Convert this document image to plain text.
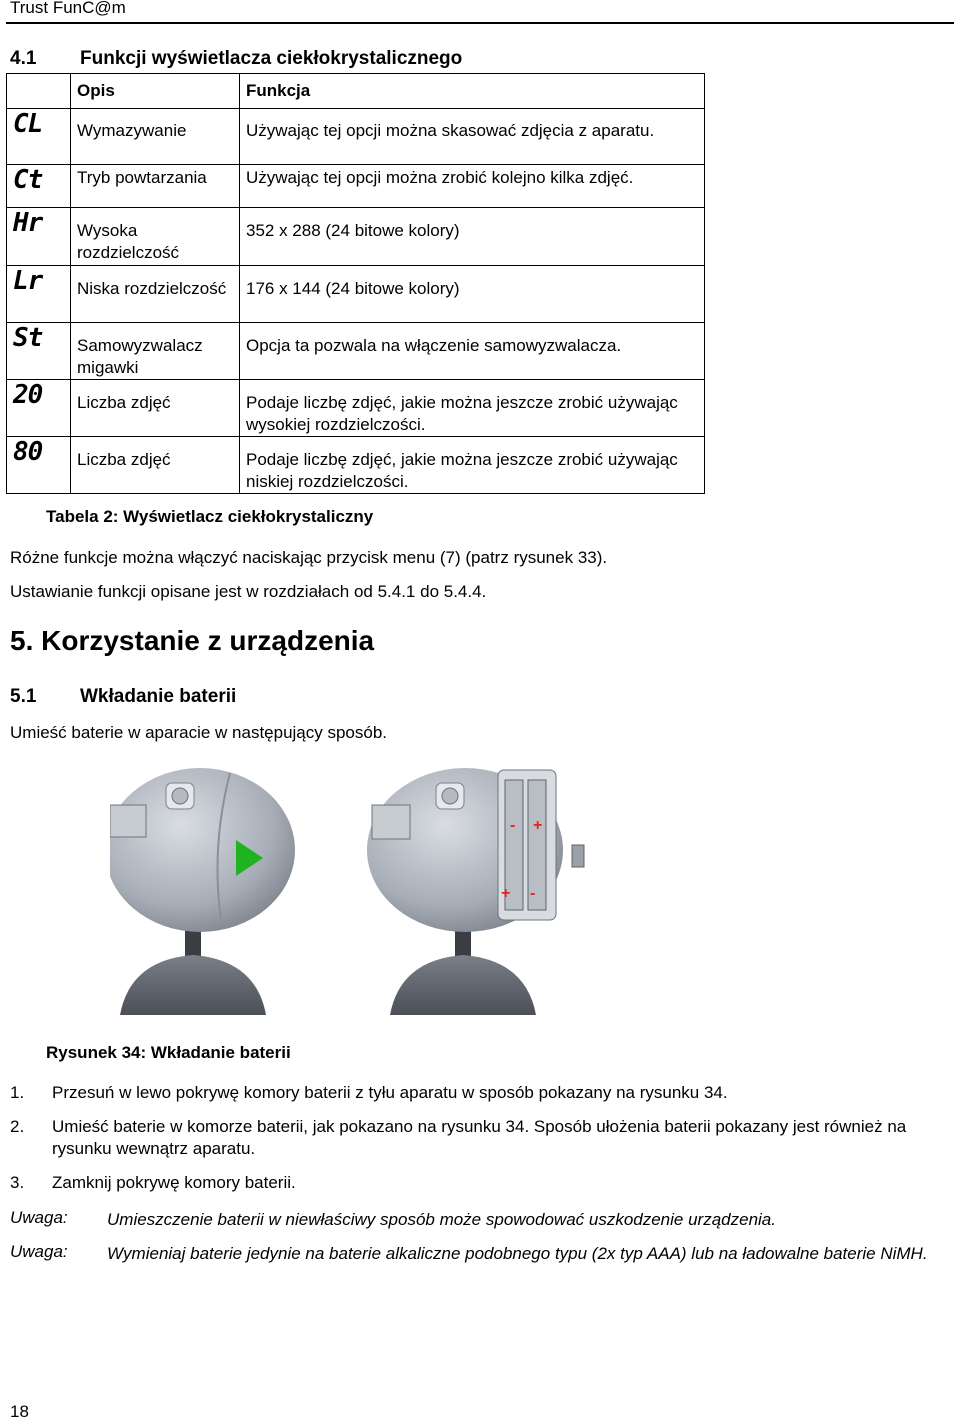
Trust FunC@m
4.1 Funkcji wyświetlacza ciekłokrystalicznego
	Opis	Funkcja

CL	Wymazywanie	Używając tej opcji można skasować zdjęcia z aparatu.

Ct	Tryb powtarzania	Używając tej opcji można zrobić kolejno kilka zdjęć.

Hr	Wysoka rozdzielczość	352 x 288 (24 bitowe kolory)

Lr	Niska rozdzielczość	176 x 144 (24 bitowe kolory)

St	Samowyzwalacz migawki	Opcja ta pozwala na włączenie samowyzwalacza.

20	Liczba zdjęć	Podaje liczbę zdjęć, jakie można jeszcze zrobić używając wysokiej rozdzielczości.

80	Liczba zdjęć	Podaje liczbę zdjęć, jakie można jeszcze zrobić używając niskiej rozdzielczości.
Tabela 2: Wyświetlacz ciekłokrystaliczny
Różne funkcje można włączyć naciskając przycisk menu (7) (patrz rysunek 33).
Ustawianie funkcji opisane jest w rozdziałach od 5.4.1 do 5.4.4.
5. Korzystanie z urządzenia
5.1 Wkładanie baterii
Umieść baterie w aparacie w następujący sposób.
- +
+ -
Rysunek 34: Wkładanie baterii
1. Przesuń w lewo pokrywę komory baterii z tyłu aparatu w sposób pokazany na rysunku 34.
2.	Umieść baterie w komorze baterii, jak pokazano na rysunku 34. Sposób ułożenia baterii pokazany jest również na rysunku wewnątrz aparatu.
3. Zamknij pokrywę komory baterii.
Uwaga: Umieszczenie baterii w niewłaściwy sposób może spowodować uszkodzenie urządzenia.
Uwaga: Wymieniaj baterie jedynie na baterie alkaliczne podobnego typu (2x typ AAA) lub na ładowalne baterie NiMH.
18
